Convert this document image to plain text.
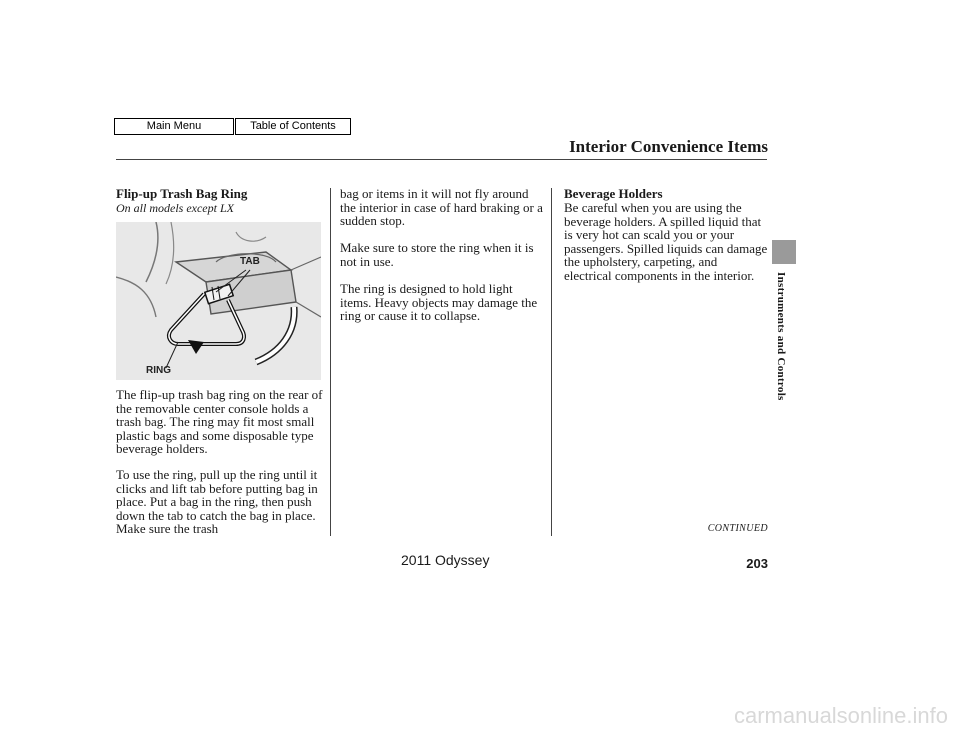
Main Menu	Table of Contents
Interior Convenience Items
Instruments and Controls
Flip-up Trash Bag Ring
On all models except LX
TAB
RING

The flip-up trash bag ring on the rear of the removable center console holds a trash bag. The ring may fit most small plastic bags and some disposable type beverage holders.

To use the ring, pull up the ring until it clicks and lift tab before putting bag in place. Put a bag in the ring, then push down the tab to catch the bag in place. Make sure the trash

bag or items in it will not fly around the interior in case of hard braking or a sudden stop.

Make sure to store the ring when it is not in use.

The ring is designed to hold light items. Heavy objects may damage the ring or cause it to collapse.

Beverage Holders

Be careful when you are using the beverage holders. A spilled liquid that is very hot can scald you or your passengers. Spilled liquids can damage the upholstery, carpeting, and electrical components in the interior.

CONTINUED
2011 Odyssey	203
carmanualsonline.info
